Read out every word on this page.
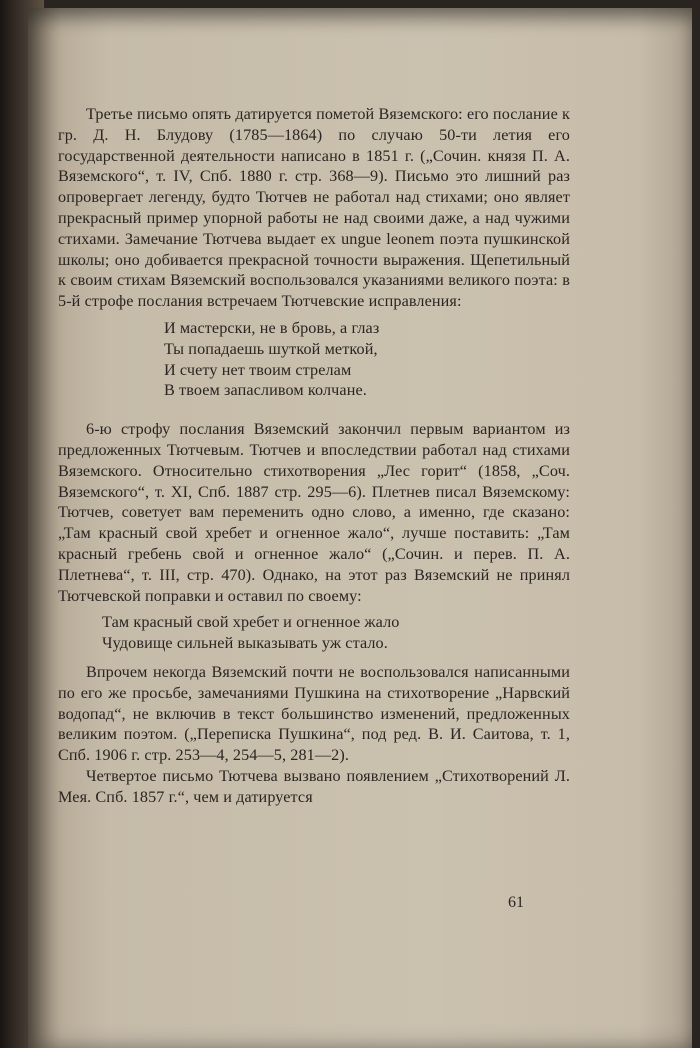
Третье письмо опять датируется пометой Вяземского: его послание к гр. Д. Н. Блудову (1785—1864) по случаю 50-ти летия его государственной деятельности написано в 1851 г. („Сочин. князя П. А. Вяземского“, т. IV, Спб. 1880 г. стр. 368—9). Письмо это лишний раз опровергает легенду, будто Тютчев не работал над стихами; оно являет прекрасный пример упорной работы не над своими даже, а над чужими стихами. Замечание Тютчева выдает ех ungue leonem поэта пушкинской школы; оно добивается прекрасной точности выражения. Щепетильный к своим стихам Вяземский воспользовался указаниями великого поэта: в 5-й строфе послания встречаем Тютчевские исправления:

И мастерски, не в бровь, а глаз
Ты попадаешь шуткой меткой,
И счету нет твоим стрелам
В твоем запасливом колчане.

6-ю строфу послания Вяземский закончил первым вариантом из предложенных Тютчевым. Тютчев и впоследствии работал над стихами Вяземского. Относительно стихотворения „Лес горит“ (1858, „Соч. Вяземского“, т. XI, Спб. 1887 стр. 295—6). Плетнев писал Вяземскому: Тютчев, советует вам переменить одно слово, а именно, где сказано: „Там красный свой хребет и огненное жало“, лучше поставить: „Там красный гребень свой и огненное жало“ („Сочин. и перев. П. А. Плетнева“, т. III, стр. 470). Однако, на этот раз Вяземский не принял Тютчевской поправки и оставил по своему:

Там красный свой хребет и огненное жало
Чудовище сильней выказывать уж стало.

Впрочем некогда Вяземский почти не воспользовался написанными по его же просьбе, замечаниями Пушкина на стихотворение „Нарвский водопад“, не включив в текст большинство изменений, предложенных великим поэтом. („Переписка Пушкина“, под ред. В. И. Саитова, т. 1, Спб. 1906 г. стр. 253—4, 254—5, 281—2).

Четвертое письмо Тютчева вызвано появлением „Стихотворений Л. Мея. Спб. 1857 г.“, чем и датируется

61
